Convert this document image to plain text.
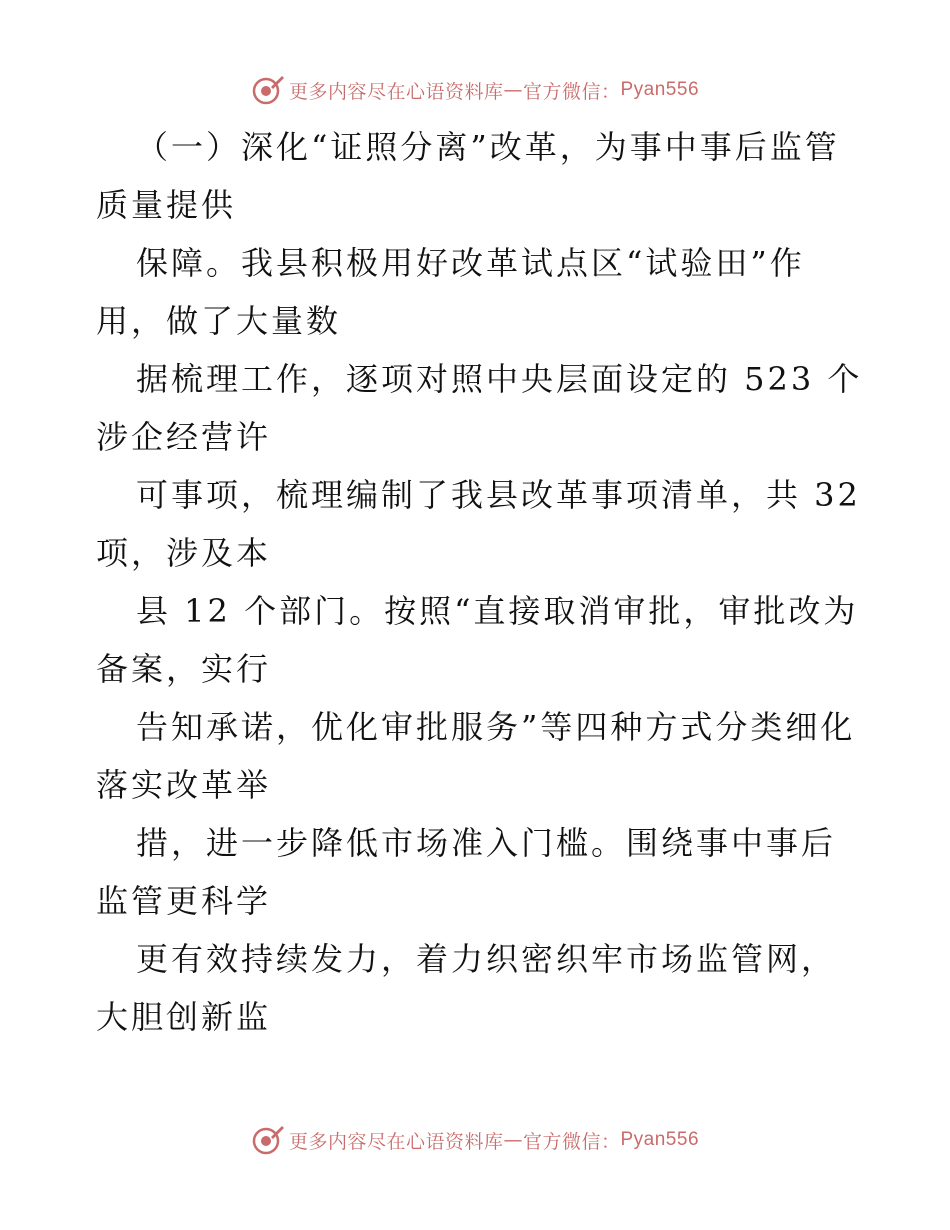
更多内容尽在心语资料库 — 官方微信： Pyan556

（一）深化“证照分离”改革，为事中事后监管质量提供

保障。我县积极用好改革试点区“试验田”作用，做了大量数

据梳理工作，逐项对照中央层面设定的 523 个涉企经营许

可事项，梳理编制了我县改革事项清单，共 32 项，涉及本

县 12 个部门。按照“直接取消审批，审批改为备案，实行

告知承诺，优化审批服务”等四种方式分类细化落实改革举

措，进一步降低市场准入门槛。围绕事中事后监管更科学

更有效持续发力，着力织密织牢市场监管网，大胆创新监

更多内容尽在心语资料库 — 官方微信： Pyan556
